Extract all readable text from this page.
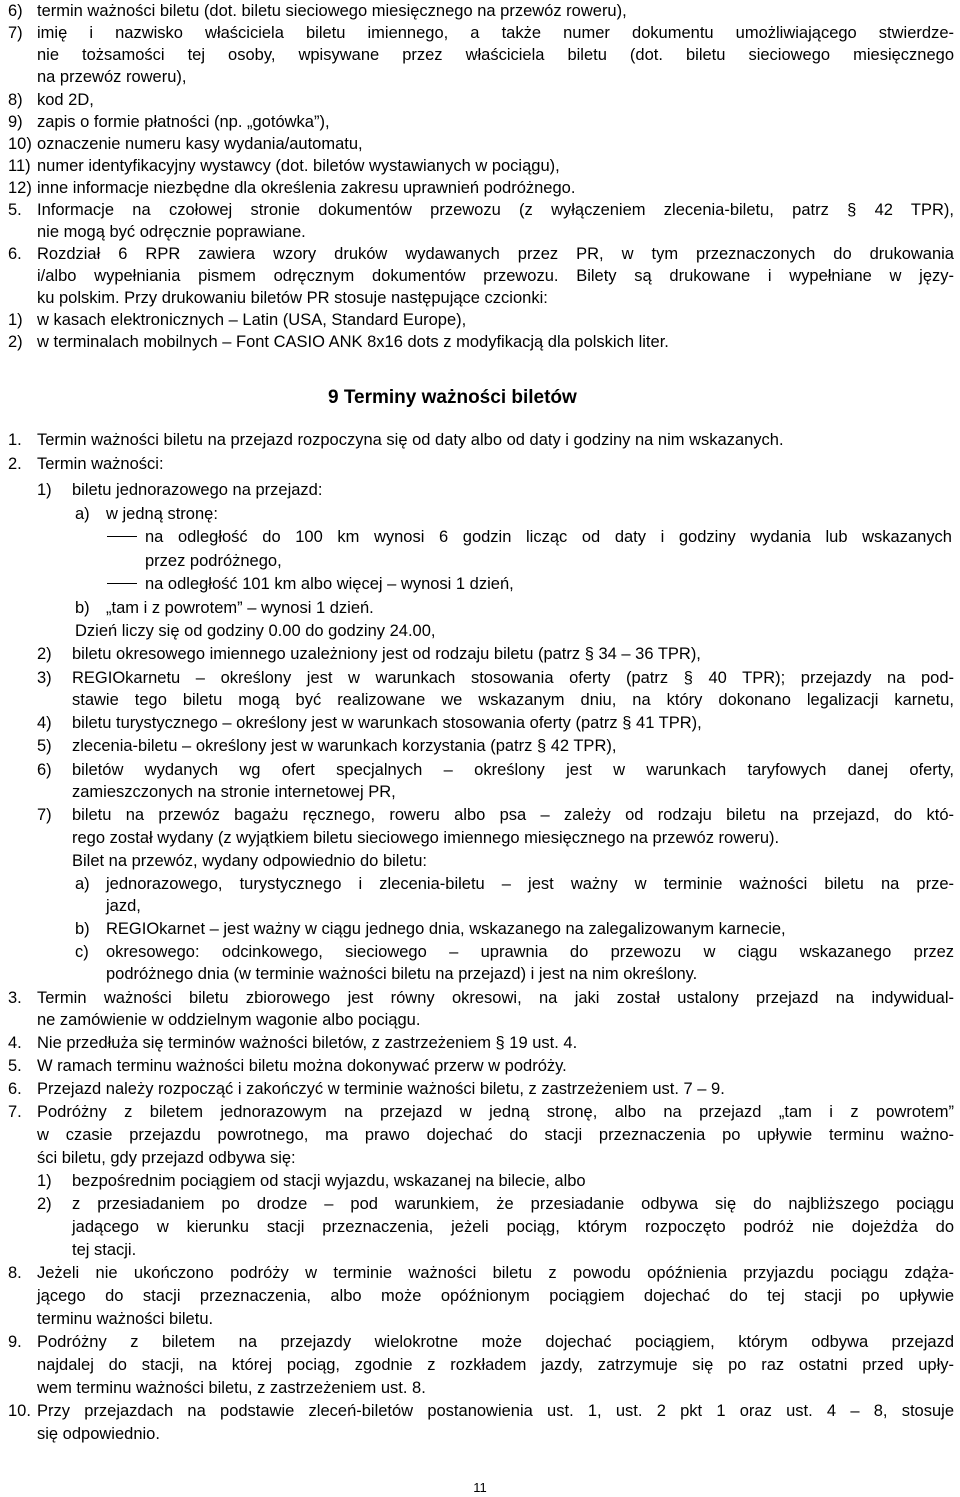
6) termin ważności biletu (dot. biletu sieciowego miesięcznego na przewóz roweru),
7) imię i nazwisko właściciela biletu imiennego, a także numer dokumentu umożliwiającego stwierdze-
nie tożsamości tej osoby, wpisywane przez właściciela biletu (dot. biletu sieciowego miesięcznego
na przewóz roweru),
8) kod 2D,
9) zapis o formie płatności (np. „gotówka”),
10) oznaczenie numeru kasy wydania/automatu,
11) numer identyfikacyjny wystawcy (dot. biletów wystawianych w pociągu),
12) inne informacje niezbędne dla określenia zakresu uprawnień podróżnego.
5. Informacje na czołowej stronie dokumentów przewozu (z wyłączeniem zlecenia-biletu, patrz § 42 TPR),
nie mogą być odręcznie poprawiane.
6. Rozdział 6 RPR zawiera wzory druków wydawanych przez PR, w tym przeznaczonych do drukowania
i/albo wypełniania pismem odręcznym dokumentów przewozu. Bilety są drukowane i wypełniane w języ-
ku polskim. Przy drukowaniu biletów PR stosuje następujące czcionki:
1) w kasach elektronicznych – Latin (USA, Standard Europe),
2) w terminalach mobilnych – Font CASIO ANK 8x16 dots z modyfikacją dla polskich liter.
9 Terminy ważności biletów
1. Termin ważności biletu na przejazd rozpoczyna się od daty albo od daty i godziny na nim wskazanych.
2. Termin ważności:
1) biletu jednorazowego na przejazd:
a) w jedną stronę:
na odległość do 100 km wynosi 6 godzin licząc od daty i godziny wydania lub wskazanych
przez podróżnego,
na odległość 101 km albo więcej – wynosi 1 dzień,
b) „tam i z powrotem” – wynosi 1 dzień.
Dzień liczy się od godziny 0.00 do godziny 24.00,
2) biletu okresowego imiennego uzależniony jest od rodzaju biletu (patrz § 34 – 36 TPR),
3) REGIOkarnetu – określony jest w warunkach stosowania oferty (patrz § 40 TPR); przejazdy na pod-
stawie tego biletu mogą być realizowane we wskazanym dniu, na który dokonano legalizacji karnetu,
4) biletu turystycznego – określony jest w warunkach stosowania oferty (patrz § 41 TPR),
5) zlecenia-biletu – określony jest w warunkach korzystania (patrz § 42 TPR),
6) biletów wydanych wg ofert specjalnych – określony jest w warunkach taryfowych danej oferty,
zamieszczonych na stronie internetowej PR,
7) biletu na przewóz bagażu ręcznego, roweru albo psa – zależy od rodzaju biletu na przejazd, do któ-
rego został wydany (z wyjątkiem biletu sieciowego imiennego miesięcznego na przewóz roweru).
Bilet na przewóz, wydany odpowiednio do biletu:
a) jednorazowego, turystycznego i zlecenia-biletu – jest ważny w terminie ważności biletu na prze-
jazd,
b) REGIOkarnet – jest ważny w ciągu jednego dnia, wskazanego na zalegalizowanym karnecie,
c) okresowego: odcinkowego, sieciowego – uprawnia do przewozu w ciągu wskazanego przez
podróżnego dnia (w terminie ważności biletu na przejazd) i jest na nim określony.
3. Termin ważności biletu zbiorowego jest równy okresowi, na jaki został ustalony przejazd na indywidual-
ne zamówienie w oddzielnym wagonie albo pociągu.
4. Nie przedłuża się terminów ważności biletów, z zastrzeżeniem § 19 ust. 4.
5. W ramach terminu ważności biletu można dokonywać przerw w podróży.
6. Przejazd należy rozpocząć i zakończyć w terminie ważności biletu, z zastrzeżeniem ust. 7 – 9.
7. Podróżny z biletem jednorazowym na przejazd w jedną stronę, albo na przejazd „tam i z powrotem”
w czasie przejazdu powrotnego, ma prawo dojechać do stacji przeznaczenia po upływie terminu ważno-
ści biletu, gdy przejazd odbywa się:
1) bezpośrednim pociągiem od stacji wyjazdu, wskazanej na bilecie, albo
2) z przesiadaniem po drodze – pod warunkiem, że przesiadanie odbywa się do najbliższego pociągu
jadącego w kierunku stacji przeznaczenia, jeżeli pociąg, którym rozpoczęto podróż nie dojeżdża do
tej stacji.
8. Jeżeli nie ukończono podróży w terminie ważności biletu z powodu opóźnienia przyjazdu pociągu zdąża-
jącego do stacji przeznaczenia, albo może opóźnionym pociągiem dojechać do tej stacji po upływie
terminu ważności biletu.
9. Podróżny z biletem na przejazdy wielokrotne może dojechać pociągiem, którym odbywa przejazd
najdalej do stacji, na której pociąg, zgodnie z rozkładem jazdy, zatrzymuje się po raz ostatni przed upły-
wem terminu ważności biletu, z zastrzeżeniem ust. 8.
10. Przy przejazdach na podstawie zleceń-biletów postanowienia ust. 1, ust. 2 pkt 1 oraz ust. 4 – 8, stosuje
się odpowiednio.
11
